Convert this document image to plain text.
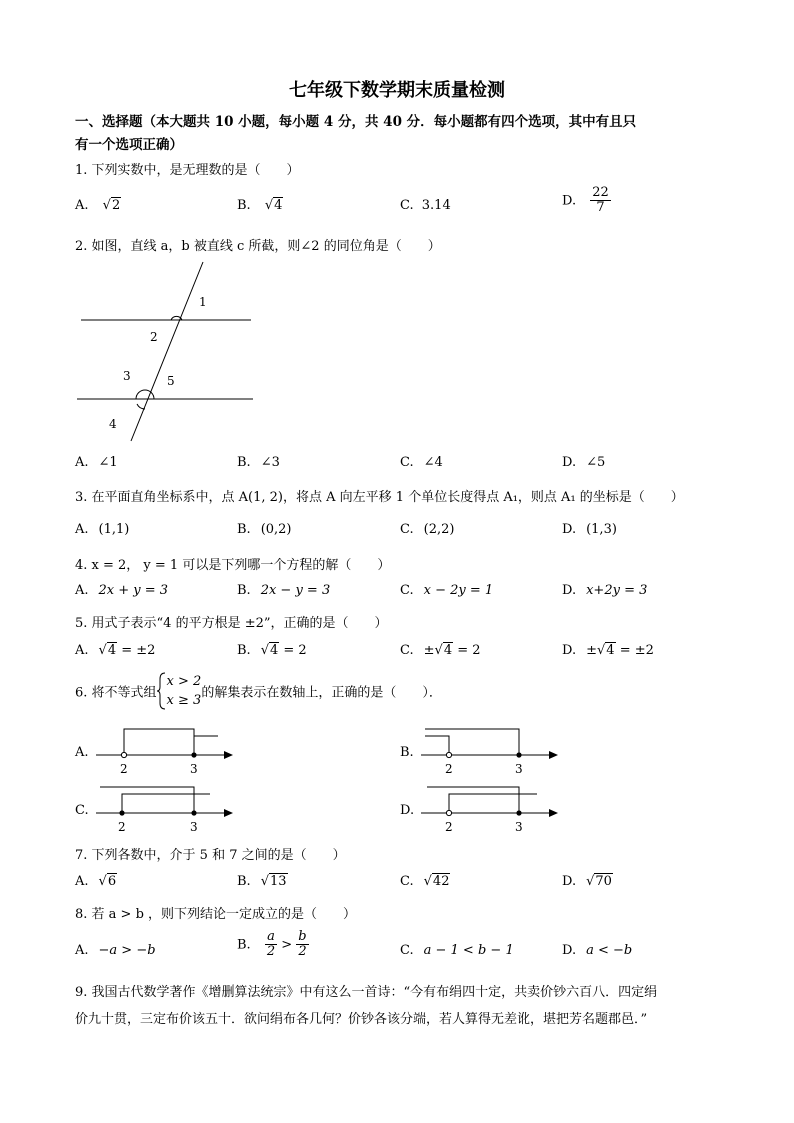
七年级下数学期末质量检测
一、选择题（本大题共 10 小题，每小题 4 分，共 40 分．每小题都有四个选项，其中有且只
有一个选项正确）
1. 下列实数中，是无理数的是（　　）
A. √2	B. √4	C. 3.14	D. $\frac{22}{7}$
2. 如图，直线 a，b 被直线 c 所截，则∠2 的同位角是（　　）
1
2
3	5
4
A. ∠1	B. ∠3	C. ∠4	D. ∠5
3. 在平面直角坐标系中，点 A(1, 2)，将点 A 向左平移 1 个单位长度得点 A₁，则点 A₁ 的坐标是（　　）
A. (1,1)	B. (0,2)	C. (2,2)	D. (1,3)
4. x = 2， y = 1 可以是下列哪一个方程的解（　　）
A. 2x + y = 3	B. 2x − y = 3	C. x − 2y = 1	D. x+2y = 3
5. 用式子表示“4 的平方根是 ±2”，正确的是（　　）
A. √4 = ±2	B. √4 = 2	C. ±√4 = 2	D. ±√4 = ±2
6. 将不等式组
x > 2
x ≥ 3 的解集表示在数轴上，正确的是（　　）．
A.
2	3
B.
2	3
C.
2	3
D.
2	3
7. 下列各数中，介于 5 和 7 之间的是（　　）
A. √6	B. √13	C. √42	D. √70
8. 若 a > b ，则下列结论一定成立的是（　　）
A. −a > −b	B. $\frac{a}{2} > \frac{b}{2}$	C. a − 1 < b − 1	D. a < −b
9. 我国古代数学著作《增删算法统宗》中有这么一首诗：“今有布绢四十定，共卖价钞六百八．四定绢
价九十贯，三定布价该五十．欲问绢布各几何？价钞各该分端，若人算得无差讹，堪把芳名题郡邑．”
